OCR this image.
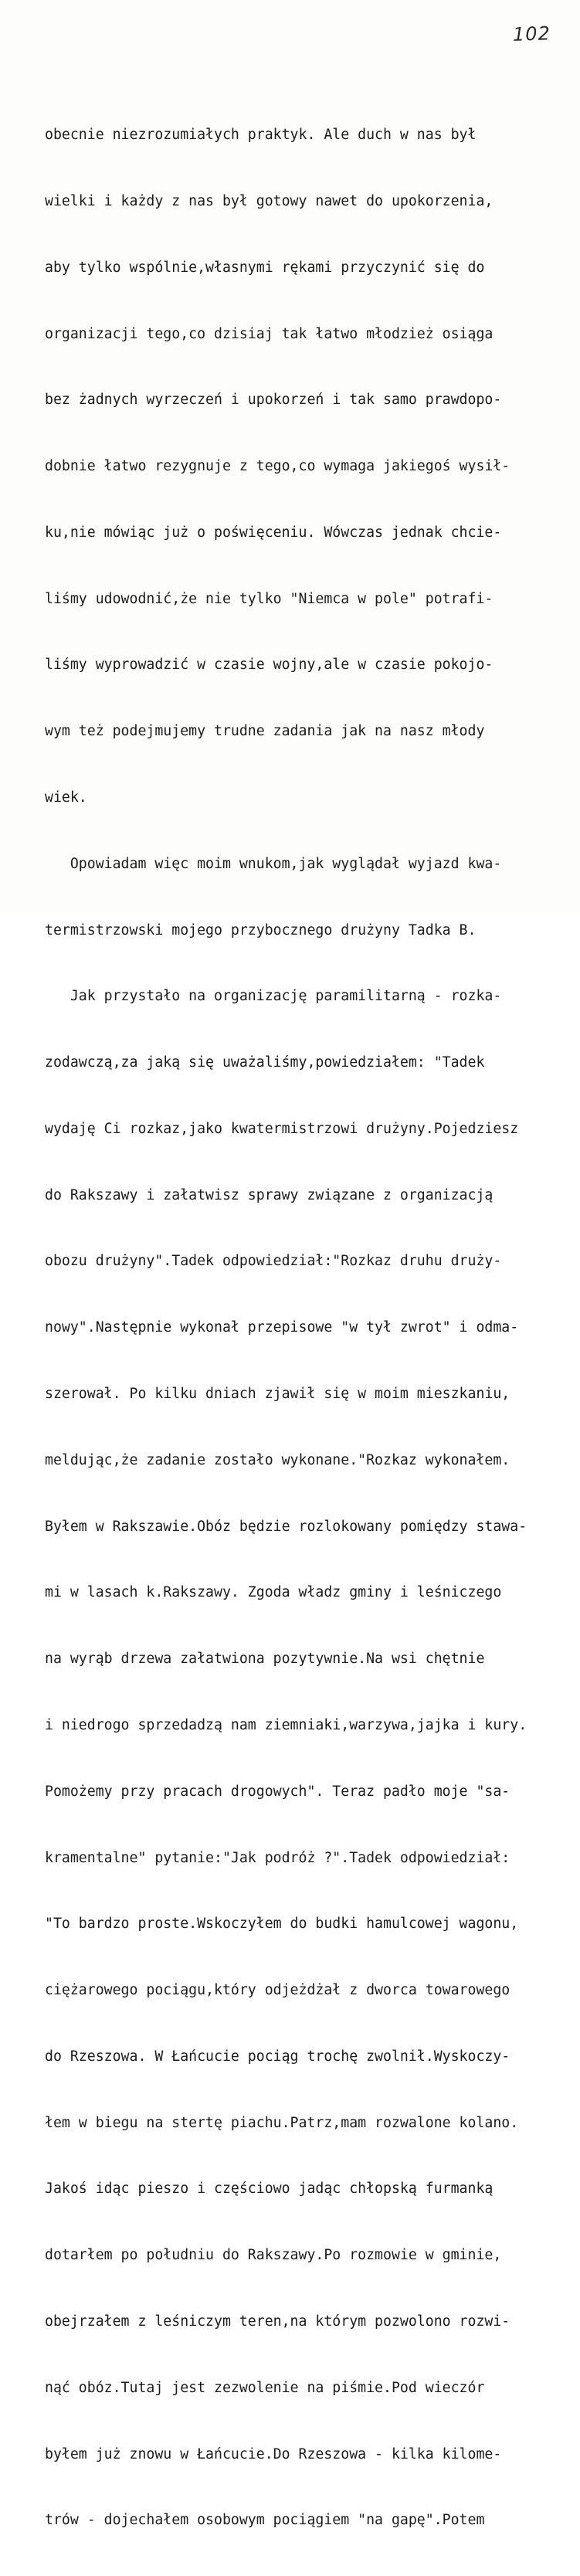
102

obecnie niezrozumiałych praktyk. Ale duch w nas był

wielki i każdy z nas był gotowy nawet do upokorzenia,

aby tylko wspólnie,własnymi rękami przyczynić się do

organizacji tego,co dzisiaj tak łatwo młodzież osiąga

bez żadnych wyrzeczeń i upokorzeń i tak samo prawdopo-

dobnie łatwo rezygnuje z tego,co wymaga jakiegoś wysił-

ku,nie mówiąc już o poświęceniu. Wówczas jednak chcie-

liśmy udowodnić,że nie tylko "Niemca w pole" potrafi-

liśmy wyprowadzić w czasie wojny,ale w czasie pokojo-

wym też podejmujemy trudne zadania jak na nasz młody

wiek.

Opowiadam więc moim wnukom,jak wyglądał wyjazd kwa-

termistrzowski mojego przybocznego drużyny Tadka B.

Jak przystało na organizację paramilitarną - rozka-

zodawczą,za jaką się uważaliśmy,powiedziałem: "Tadek

wydaję Ci rozkaz,jako kwatermistrzowi drużyny.Pojedziesz

do Rakszawy i załatwisz sprawy związane z organizacją

obozu drużyny".Tadek odpowiedział:"Rozkaz druhu druży-

nowy".Następnie wykonał przepisowe "w tył zwrot" i odma-

szerował. Po kilku dniach zjawił się w moim mieszkaniu,

meldując,że zadanie zostało wykonane."Rozkaz wykonałem.

Byłem w Rakszawie.Obóz będzie rozlokowany pomiędzy stawa-

mi w lasach k.Rakszawy. Zgoda władz gminy i leśniczego

na wyrąb drzewa załatwiona pozytywnie.Na wsi chętnie

i niedrogo sprzedadzą nam ziemniaki,warzywa,jajka i kury.

Pomożemy przy pracach drogowych". Teraz padło moje "sa-

kramentalne" pytanie:"Jak podróż ?".Tadek odpowiedział:

"To bardzo proste.Wskoczyłem do budki hamulcowej wagonu,

ciężarowego pociągu,który odjeżdżał z dworca towarowego

do Rzeszowa. W Łańcucie pociąg trochę zwolnił.Wyskoczy-

łem w biegu na stertę piachu.Patrz,mam rozwalone kolano.

Jakoś idąc pieszo i częściowo jadąc chłopską furmanką

dotarłem po południu do Rakszawy.Po rozmowie w gminie,

obejrzałem z leśniczym teren,na którym pozwolono rozwi-

nąć obóz.Tutaj jest zezwolenie na piśmie.Pod wieczór

byłem już znowu w Łańcucie.Do Rzeszowa - kilka kilome-

trów - dojechałem osobowym pociągiem "na gapę".Potem
